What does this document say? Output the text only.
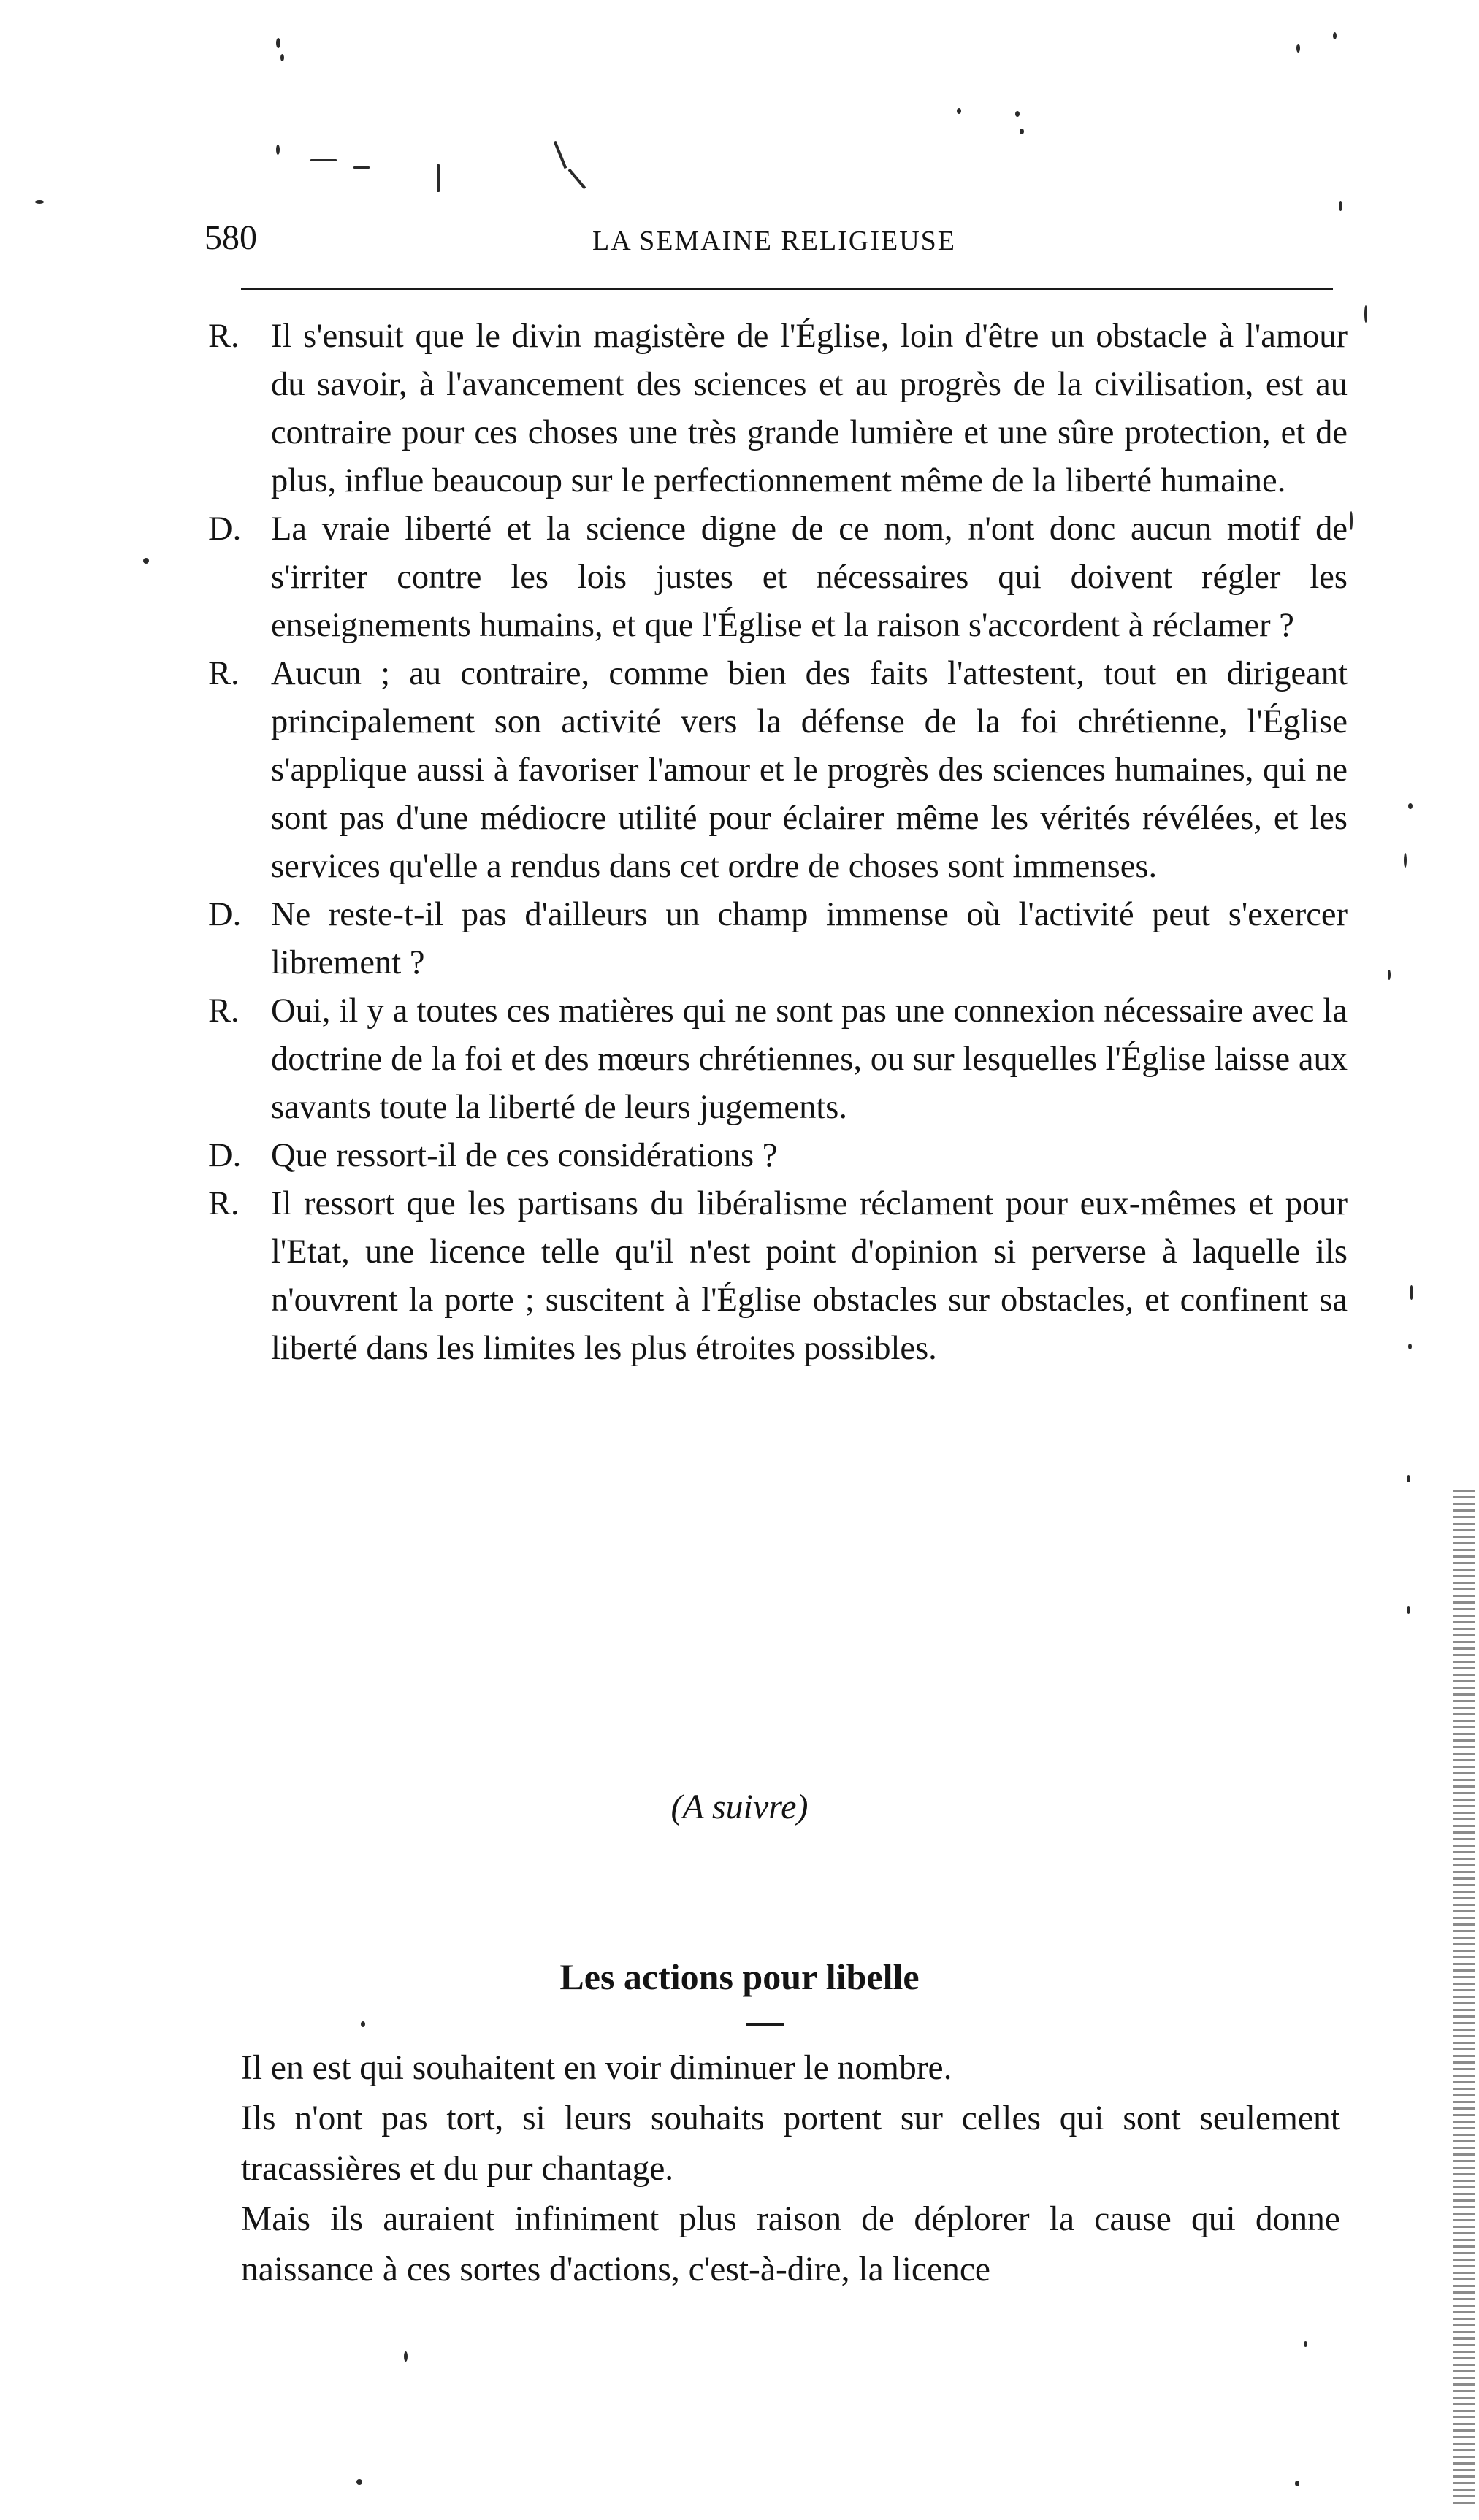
580	LA SEMAINE RELIGIEUSE
R. Il s'ensuit que le divin magistère de l'Église, loin d'être un obstacle à l'amour du savoir, à l'avancement des sciences et au progrès de la civilisation, est au contraire pour ces choses une très grande lumière et une sûre protection, et de plus, influe beaucoup sur le perfectionnement même de la liberté humaine.
D. La vraie liberté et la science digne de ce nom, n'ont donc aucun motif de s'irriter contre les lois justes et nécessaires qui doivent régler les enseignements humains, et que l'Église et la raison s'accordent à réclamer ?
R. Aucun ; au contraire, comme bien des faits l'attestent, tout en dirigeant principalement son activité vers la défense de la foi chrétienne, l'Église s'applique aussi à favoriser l'amour et le progrès des sciences humaines, qui ne sont pas d'une médiocre utilité pour éclairer même les vérités révélées, et les services qu'elle a rendus dans cet ordre de choses sont immenses.
D. Ne reste-t-il pas d'ailleurs un champ immense où l'activité peut s'exercer librement ?
R. Oui, il y a toutes ces matières qui ne sont pas une connexion nécessaire avec la doctrine de la foi et des mœurs chrétiennes, ou sur lesquelles l'Église laisse aux savants toute la liberté de leurs jugements.
D. Que ressort-il de ces considérations ?
R. Il ressort que les partisans du libéralisme réclament pour eux-mêmes et pour l'Etat, une licence telle qu'il n'est point d'opinion si perverse à laquelle ils n'ouvrent la porte ; suscitent à l'Église obstacles sur obstacles, et confinent sa liberté dans les limites les plus étroites possibles.
(A suivre)
Les actions pour libelle

Il en est qui souhaitent en voir diminuer le nombre.

Ils n'ont pas tort, si leurs souhaits portent sur celles qui sont seulement tracassières et du pur chantage.

Mais ils auraient infiniment plus raison de déplorer la cause qui donne naissance à ces sortes d'actions, c'est-à-dire, la licence
